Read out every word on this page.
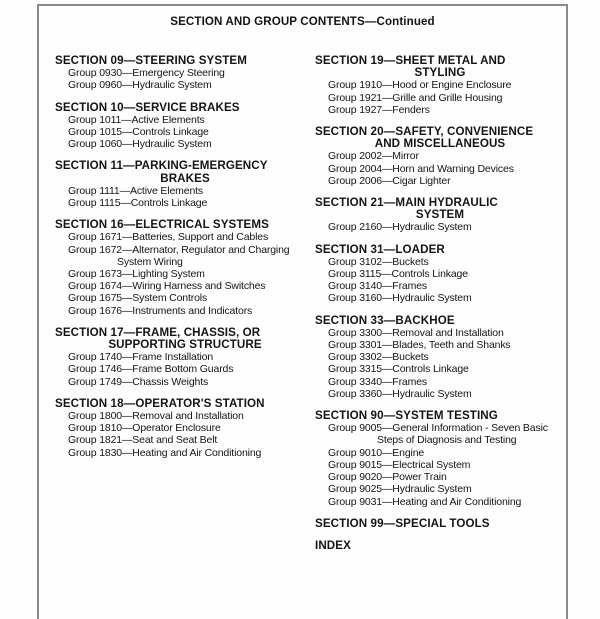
SECTION AND GROUP CONTENTS—Continued
SECTION 09—STEERING SYSTEM
Group 0930—Emergency Steering
Group 0960—Hydraulic System
SECTION 10—SERVICE BRAKES
Group 1011—Active Elements
Group 1015—Controls Linkage
Group 1060—Hydraulic System
SECTION 11—PARKING-EMERGENCY
BRAKES
Group 1111—Active Elements
Group 1115—Controls Linkage
SECTION 16—ELECTRICAL SYSTEMS
Group 1671—Batteries, Support and Cables
Group 1672—Alternator, Regulator and Charging
System Wiring
Group 1673—Lighting System
Group 1674—Wiring Harness and Switches
Group 1675—System Controls
Group 1676—Instruments and Indicators
SECTION 17—FRAME, CHASSIS, OR
SUPPORTING STRUCTURE
Group 1740—Frame Installation
Group 1746—Frame Bottom Guards
Group 1749—Chassis Weights
SECTION 18—OPERATOR'S STATION
Group 1800—Removal and Installation
Group 1810—Operator Enclosure
Group 1821—Seat and Seat Belt
Group 1830—Heating and Air Conditioning
SECTION 19—SHEET METAL AND
STYLING
Group 1910—Hood or Engine Enclosure
Group 1921—Grille and Grille Housing
Group 1927—Fenders
SECTION 20—SAFETY, CONVENIENCE
AND MISCELLANEOUS
Group 2002—Mirror
Group 2004—Horn and Warning Devices
Group 2006—Cigar Lighter
SECTION 21—MAIN HYDRAULIC
SYSTEM
Group 2160—Hydraulic System
SECTION 31—LOADER
Group 3102—Buckets
Group 3115—Controls Linkage
Group 3140—Frames
Group 3160—Hydraulic System
SECTION 33—BACKHOE
Group 3300—Removal and Installation
Group 3301—Blades, Teeth and Shanks
Group 3302—Buckets
Group 3315—Controls Linkage
Group 3340—Frames
Group 3360—Hydraulic System
SECTION 90—SYSTEM TESTING
Group 9005—General Information - Seven Basic
Steps of Diagnosis and Testing
Group 9010—Engine
Group 9015—Electrical System
Group 9020—Power Train
Group 9025—Hydraulic System
Group 9031—Heating and Air Conditioning
SECTION 99—SPECIAL TOOLS
INDEX
